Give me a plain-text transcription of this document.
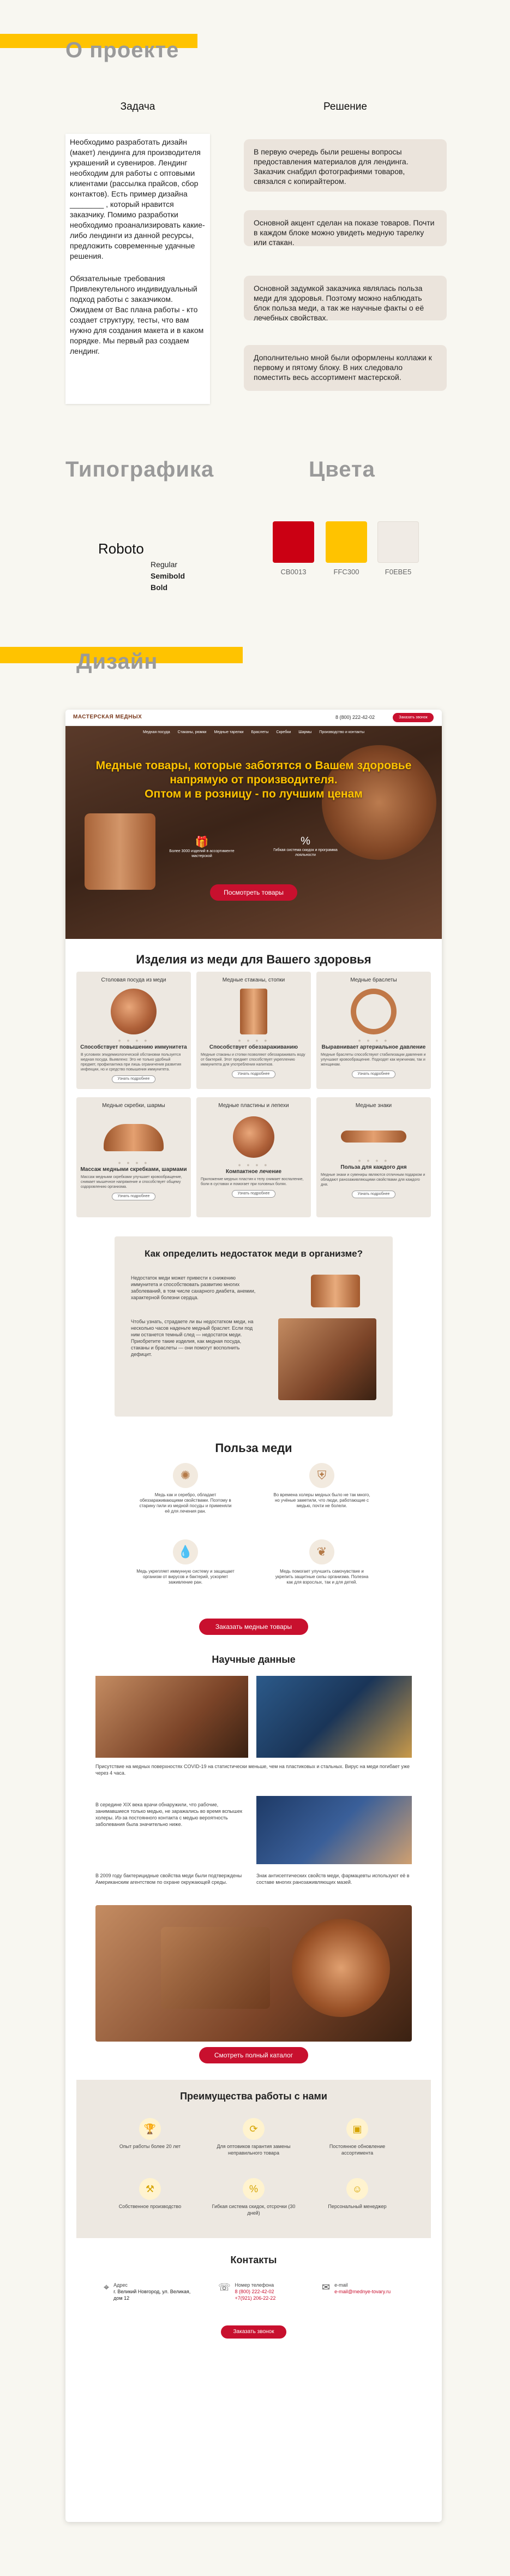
О проекте
Задача
Необходимо разработать дизайн (макет) лендинга для производителя украшений и сувениров. Лендинг необходим для работы с оптовыми клиентами (рассылка прайсов, сбор контактов). Есть пример дизайна ________ , который нравится заказчику. Помимо разработки необходимо проанализировать какие-либо лендинги из данной ресурсы, предложить современные удачные решения.
Обязательные требования Привлекутельного индивидуальный подход работы с заказчиком. Ожидаем от Вас плана работы - кто создает структуру, тесты, что вам нужно для создания макета и в каком порядке. Мы первый раз создаем лендинг.
Решение
В первую очередь были решены вопросы предоставления материалов для лендинга. Заказчик снабдил фотографиями товаров, связался с копирайтером.
Основной акцент сделан на показе товаров. Почти в каждом блоке можно увидеть медную тарелку или стакан.
Основной задумкой заказчика являлась польза меди для здоровья. Поэтому можно наблюдать блок польза меди, а так же научные факты о её лечебных свойствах.
Дополнительно мной были оформлены коллажи к первому и пятому блоку. В них следовало поместить весь ассортимент мастерской.
Типографика	Цвета
Roboto
Regular
Semibold
Bold
CB0013	FFC300	F0EBE5
Дизайн
МАСТЕРСКАЯ МЕДНЫХ	8 (800) 222-42-02	Заказать звонок
Медная посуда Стаканы, рюмки Медные тарелки Браслеты Скребки Шармы Производство и контакты
Медные товары, которые заботятся о Вашем здоровье
напрямую от производителя.
Оптом и в розницу - по лучшим ценам
🎁
Более 3000 изделий в ассортименте мастерской
%
Гибкая система скидок и программа лояльности
Посмотреть товары
Изделия из меди для Вашего здоровья
Столовая посуда из меди
● ● ● ●
Способствует повышению иммунитета
В условиях эпидемиологической обстановки пользуется медная посуда. Выявлено: Это не только удобный предмет, профилактика при лишь ограничения развития инфекции, но и средство повышения иммунитета.
Узнать подробнее
Медные стаканы, стопки
● ● ● ●
Способствует обеззараживанию
Медные стаканы и стопки позволяют обеззараживать воду от бактерий. Этот предмет способствует укреплению иммунитета для употребления напитков.
Узнать подробнее
Медные браслеты
● ● ● ●
Выравнивает артериальное давление
Медные браслеты способствуют стабилизации давления и улучшают кровообращение. Подходят как мужчинам, так и женщинам.
Узнать подробнее
Медные скребки, шармы
● ● ● ●
Массаж медными скребками, шармами
Массаж медными скребками улучшает кровообращение, снимает мышечное напряжение и способствует общему оздоровлению организма.
Узнать подробнее
Медные пластины и лепехи
● ● ● ●
Компактное лечение
Приложение медных пластин к телу снимает воспаление, боли в суставах и помогает при головных болях.
Узнать подробнее
Медные знаки
● ● ● ●
Польза для каждого дня
Медные знаки и сувениры являются отличным подарком и обладают ранозаживляющими свойствами для каждого дня.
Узнать подробнее
Как определить недостаток меди в организме?
Недостаток меди может привести к снижению иммунитета и способствовать развитию многих заболеваний, в том числе сахарного диабета, анемии, характерной болезни сердца.
Чтобы узнать, страдаете ли вы недостатком меди, на несколько часов наденьте медный браслет. Если под ним останется темный след — недостаток меди. Приобретите такие изделия, как медная посуда, стаканы и браслеты — они помогут восполнить дефицит.
Польза меди
✺
Медь как и серебро, обладает обеззараживающими свойствами. Поэтому в старину пили из медной посуды и применяли её для лечения ран.
⛨
Во времена холеры медных было не так много, но учёные заметили, что люди, работающие с медью, почти не болели.
💧
Медь укрепляет иммунную систему и защищает организм от вирусов и бактерий, ускоряет заживление ран.
❦
Медь помогает улучшить самочувствие и укрепить защитные силы организма. Полезна как для взрослых, так и для детей.
Заказать медные товары
Научные данные
Присутствие на медных поверхностях COVID-19 на статистически меньше, чем на пластиковых и стальных. Вирус на меди погибает уже через 4 часа.
В середине XIX века врачи обнаружили, что рабочие, занимавшиеся только медью, не заражались во время вспышек холеры. Из-за постоянного контакта с медью вероятность заболевания была значительно ниже.
В 2009 году бактерицидные свойства меди были подтверждены Американским агентством по охране окружающей среды.
Знак антисептических свойств меди, фармацевты используют её в составе многих ранозаживляющих мазей.
Смотреть полный каталог
Преимущества работы с нами
🏆
Опыт работы более 20 лет
⟳
Для оптовиков гарантия замены неправильного товара
▣
Постоянное обновление ассортимента
⚒
Собственное производство
%
Гибкая система скидок, отсрочки (30 дней)
☺
Персональный менеджер
Контакты
⌖ Адрес
г. Великий Новгород, ул. Великая, дом 12
☏ Номер телефона
8 (800) 222-42-02
+7(921) 206-22-22
✉ e-mail
e-mail@mednye-tovary.ru
Заказать звонок
